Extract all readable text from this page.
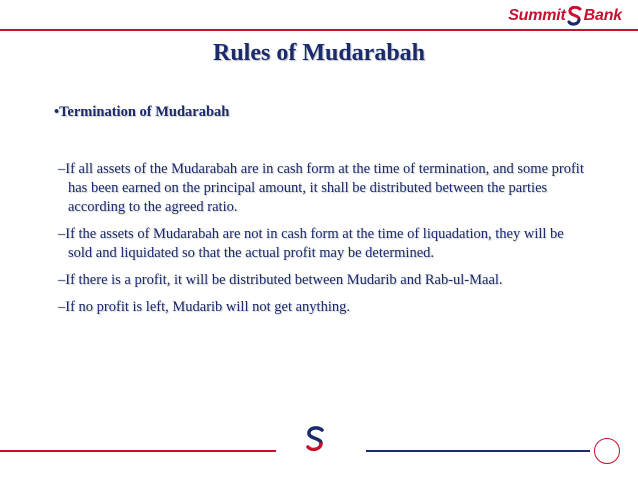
Summit Bank
Rules of Mudarabah
•Termination of Mudarabah
–If all assets of the Mudarabah are in cash form at the time of termination, and some profit has been earned on the principal amount, it shall be distributed between the parties according to the agreed ratio.
–If the assets of Mudarabah are not in cash form at the time of liquadation, they will be sold and liquidated so that the actual profit may be determined.
–If there is a profit, it will be distributed between Mudarib and Rab-ul-Maal.
–If no profit is left, Mudarib will not get anything.
